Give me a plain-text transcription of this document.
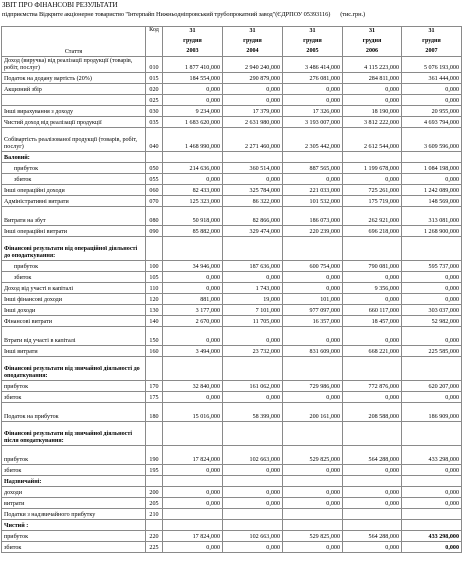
ЗВІТ ПРО ФІНАНСОВІ РЕЗУЛЬТАТИ
підприємства Відкрите акціонерне товариство "Інтерпайп Нижньодніпровський трубопрокатний завод"(ЄДРПОУ 05393116) (тис.грн.)
Стаття	Код	31	31	31	31	31
		грудня	грудня	грудня	грудня	грудня
		2003	2004	2005	2006	2007
Доход (виручка) від реалізації продукції (товарів, робіт, послуг)	010	1 877 410,000	2 940 240,000	3 486 414,000	4 115 223,000	5 076 193,000
Податок на додану вартість (20%)	015	184 554,000	290 879,000	276 081,000	284 811,000	361 444,000
Акцизний збір	020	0,000	0,000	0,000	0,000	0,000
	025	0,000	0,000	0,000	0,000	0,000
Інші вирахування з доходу	030	9 234,000	17 379,000	17 326,000	18 190,000	20 955,000
Чистий доход від реалізації продукції	035	1 683 620,000	2 631 980,000	3 193 007,000	3 812 222,000	4 693 794,000
Собівартість реалізованої продукції (товарів, робіт, послуг)	040	1 468 990,000	2 271 460,000	2 305 442,000	2 612 544,000	3 609 596,000
Валовий:						
прибуток	050	214 636,000	360 514,000	887 565,000	1 199 678,000	1 084 198,000
збиток	055	0,000	0,000	0,000	0,000	0,000
Інші операційні доходи	060	82 433,000	325 784,000	221 033,000	725 261,000	1 242 089,000
Адміністративні витрати	070	125 323,000	86 322,000	101 532,000	175 719,000	148 569,000
Витрати на збут	080	50 918,000	82 866,000	186 073,000	262 921,000	313 081,000
Інші операційні витрати	090	85 882,000	329 474,000	220 239,000	696 218,000	1 268 900,000
Фінансові результати від операційної діяльності до оподаткування:						
прибуток	100	34 946,000	187 636,000	600 754,000	790 081,000	595 737,000
збиток	105	0,000	0,000	0,000	0,000	0,000
Доход від участі в капіталі	110	0,000	1 743,000	0,000	9 356,000	0,000
Інші фінансові доходи	120	881,000	19,000	101,000	0,000	0,000
Інші доходи	130	3 177,000	7 101,000	977 097,000	660 117,000	303 037,000
Фінансові витрати	140	2 670,000	11 705,000	16 357,000	18 457,000	52 982,000
Втрати від участі в капіталі	150	0,000	0,000	0,000	0,000	0,000
Інші витрати	160	3 494,000	23 732,000	831 609,000	668 221,000	225 585,000
Фінансові результати від звичайної діяльності до оподаткування:						
прибуток	170	32 840,000	161 062,000	729 986,000	772 876,000	620 207,000
збиток	175	0,000	0,000	0,000	0,000	0,000
Податок на прибуток	180	15 016,000	58 399,000	200 161,000	208 588,000	186 909,000
Фінансові результати від звичайної діяльності після оподаткування:						
прибуток	190	17 824,000	102 663,000	529 825,000	564 288,000	433 298,000
збиток	195	0,000	0,000	0,000	0,000	0,000
Надзвичайні:						
доходи	200	0,000	0,000	0,000	0,000	0,000
витрати	205	0,000	0,000	0,000	0,000	0,000
Податки з надзвичайного прибутку	210					
Чистий :						
прибуток	220	17 824,000	102 663,000	529 825,000	564 288,000	433 298,000
збиток	225	0,000	0,000	0,000	0,000	0,000
